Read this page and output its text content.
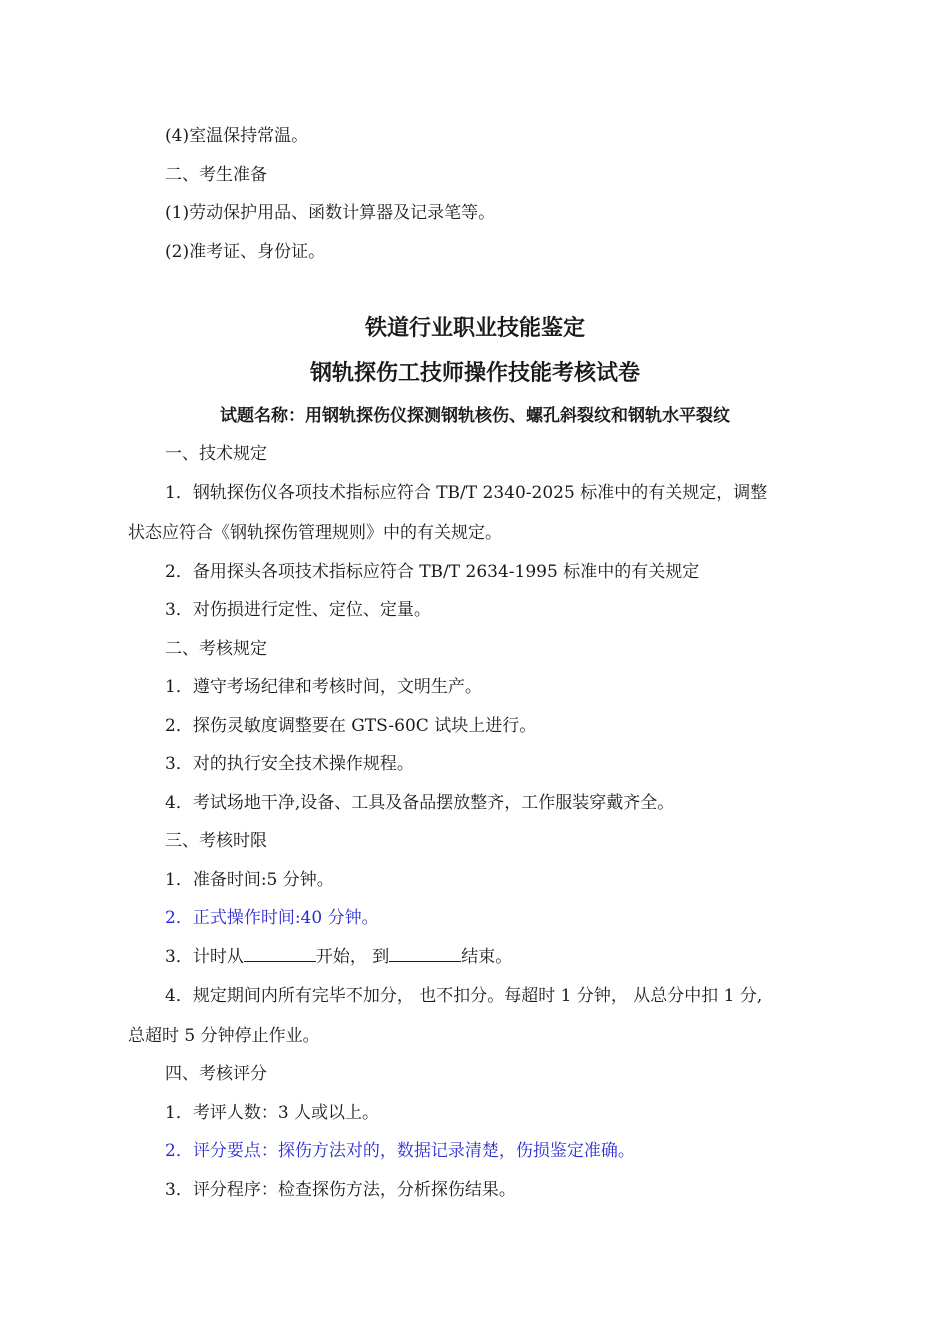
(4)室温保持常温。
二、考生准备
(1)劳动保护用品、函数计算器及记录笔等。
(2)准考证、身份证。
铁道行业职业技能鉴定
钢轨探伤工技师操作技能考核试卷
试题名称：用钢轨探伤仪探测钢轨核伤、螺孔斜裂纹和钢轨水平裂纹
一、技术规定
1．钢轨探伤仪各项技术指标应符合 TB/T 2340-2025 标准中的有关规定，调整
状态应符合《钢轨探伤管理规则》中的有关规定。
2．备用探头各项技术指标应符合 TB/T 2634-1995 标准中的有关规定
3．对伤损进行定性、定位、定量。
二、考核规定
1．遵守考场纪律和考核时间，文明生产。
2．探伤灵敏度调整要在 GTS-60C 试块上进行。
3．对的执行安全技术操作规程。
4．考试场地干净,设备、工具及备品摆放整齐，工作服装穿戴齐全。
三、考核时限
1．准备时间:5 分钟。
2．正式操作时间:40 分钟。
3．计时从	开始， 到	结束。
4．规定期间内所有完毕不加分， 也不扣分。每超时 1 分钟， 从总分中扣 1 分,
总超时 5 分钟停止作业。
四、考核评分
1．考评人数：3 人或以上。
2．评分要点：探伤方法对的，数据记录清楚，伤损鉴定准确。
3．评分程序：检查探伤方法，分析探伤结果。
